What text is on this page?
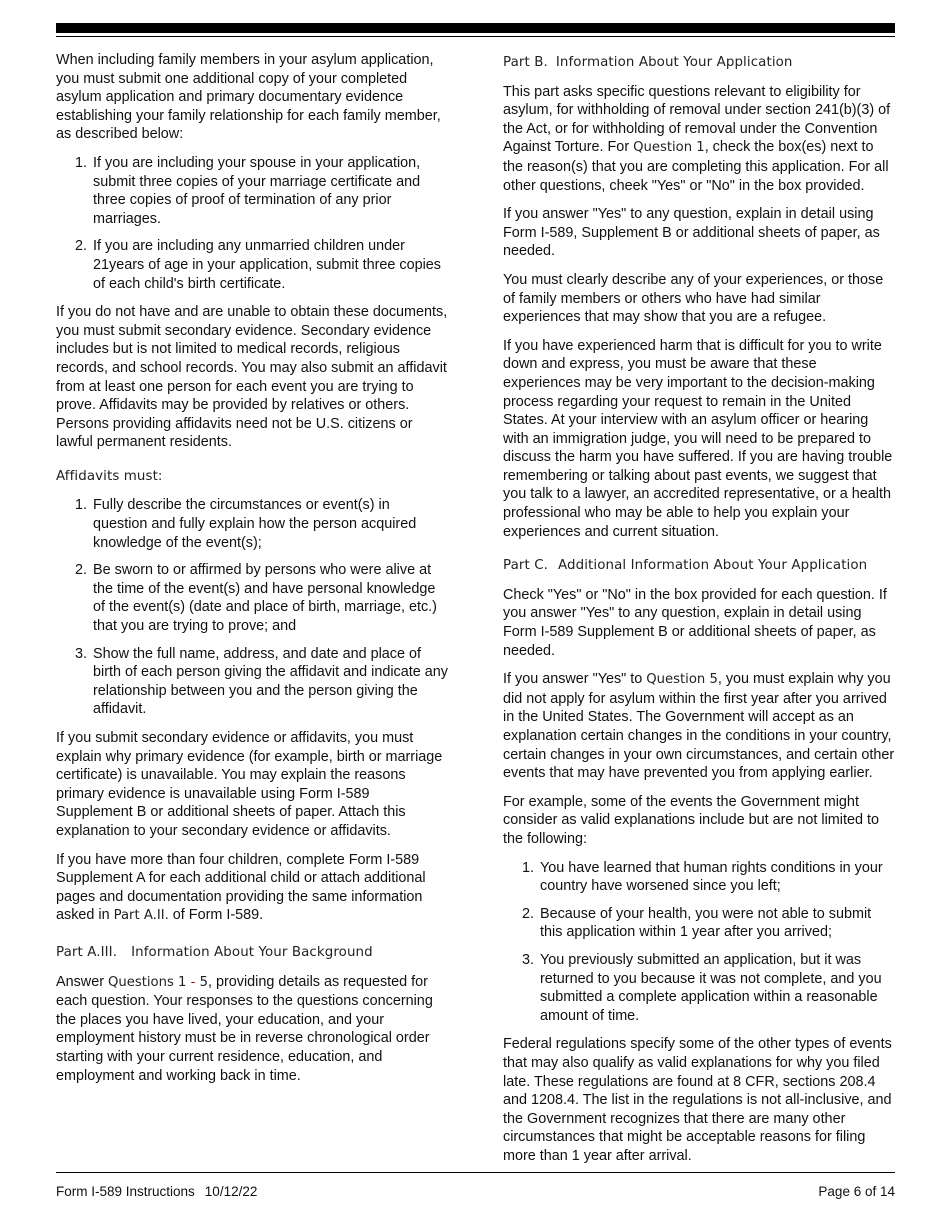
When including family members in your asylum application, you must submit one additional copy of your completed asylum application and primary documentary evidence establishing your family relationship for each family member, as described below:

1. If you are including your spouse in your application, submit three copies of your marriage certificate and three copies of proof of termination of any prior marriages.
2. If you are including any unmarried children under 21years of age in your application, submit three copies of each child's birth certificate.

If you do not have and are unable to obtain these documents, you must submit secondary evidence. Secondary evidence includes but is not limited to medical records, religious records, and school records. You may also submit an affidavit from at least one person for each event you are trying to prove. Affidavits may be provided by relatives or others. Persons providing affidavits need not be U.S. citizens or lawful permanent residents.

Affidavits must:
1. Fully describe the circumstances or event(s) in question and fully explain how the person acquired knowledge of the event(s);
2. Be sworn to or affirmed by persons who were alive at the time of the event(s) and have personal knowledge of the event(s) (date and place of birth, marriage, etc.) that you are trying to prove; and
3. Show the full name, address, and date and place of birth of each person giving the affidavit and indicate any relationship between you and the person giving the affidavit.

If you submit secondary evidence or affidavits, you must explain why primary evidence (for example, birth or marriage certificate) is unavailable. You may explain the reasons primary evidence is unavailable using Form I-589 Supplement B or additional sheets of paper. Attach this explanation to your secondary evidence or affidavits.

If you have more than four children, complete Form I-589 Supplement A for each additional child or attach additional pages and documentation providing the same information asked in Part A.II. of Form I-589.

Part A.III. Information About Your Background

Answer Questions 1 - 5, providing details as requested for each question. Your responses to the questions concerning the places you have lived, your education, and your employment history must be in reverse chronological order starting with your current residence, education, and employment and working back in time.

Part B. Information About Your Application

This part asks specific questions relevant to eligibility for asylum, for withholding of removal under section 241(b)(3) of the Act, or for withholding of removal under the Convention Against Torture. For Question 1, check the box(es) next to the reason(s) that you are completing this application. For all other questions, cheek "Yes" or "No" in the box provided.

If you answer "Yes" to any question, explain in detail using Form I-589, Supplement B or additional sheets of paper, as needed.

You must clearly describe any of your experiences, or those of family members or others who have had similar experiences that may show that you are a refugee.

If you have experienced harm that is difficult for you to write down and express, you must be aware that these experiences may be very important to the decision-making process regarding your request to remain in the United States. At your interview with an asylum officer or hearing with an immigration judge, you will need to be prepared to discuss the harm you have suffered. If you are having trouble remembering or talking about past events, we suggest that you talk to a lawyer, an accredited representative, or a health professional who may be able to help you explain your experiences and current situation.

Part C. Additional Information About Your Application

Check "Yes" or "No" in the box provided for each question. If you answer "Yes" to any question, explain in detail using Form I-589 Supplement B or additional sheets of paper, as needed.

If you answer "Yes" to Question 5, you must explain why you did not apply for asylum within the first year after you arrived in the United States. The Government will accept as an explanation certain changes in the conditions in your country, certain changes in your own circumstances, and certain other events that may have prevented you from applying earlier.

For example, some of the events the Government might consider as valid explanations include but are not limited to the following:

1. You have learned that human rights conditions in your country have worsened since you left;
2. Because of your health, you were not able to submit this application within 1 year after you arrived;
3. You previously submitted an application, but it was returned to you because it was not complete, and you submitted a complete application within a reasonable amount of time.

Federal regulations specify some of the other types of events that may also qualify as valid explanations for why you filed late. These regulations are found at 8 CFR, sections 208.4 and 1208.4. The list in the regulations is not all-inclusive, and the Government recognizes that there are many other circumstances that might be acceptable reasons for filing more than 1 year after arrival.

Form I-589 Instructions 10/12/22	Page 6 of 14
